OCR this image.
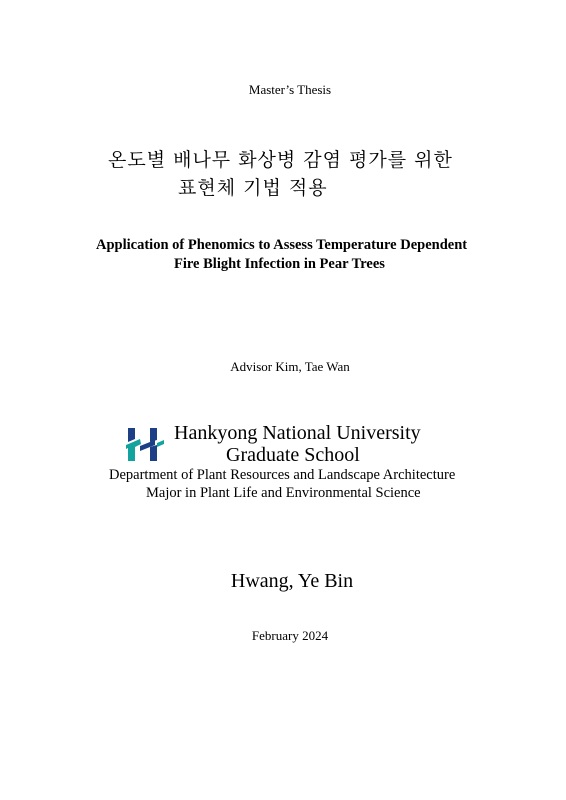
Master’s Thesis
온도별 배나무 화상병 감염 평가를 위한
표현체 기법 적용
Application of Phenomics to Assess Temperature Dependent
Fire Blight Infection in Pear Trees
Advisor Kim, Tae Wan
Hankyong National University
Graduate School
Department of Plant Resources and Landscape Architecture
Major in Plant Life and Environmental Science
Hwang, Ye Bin
February 2024
